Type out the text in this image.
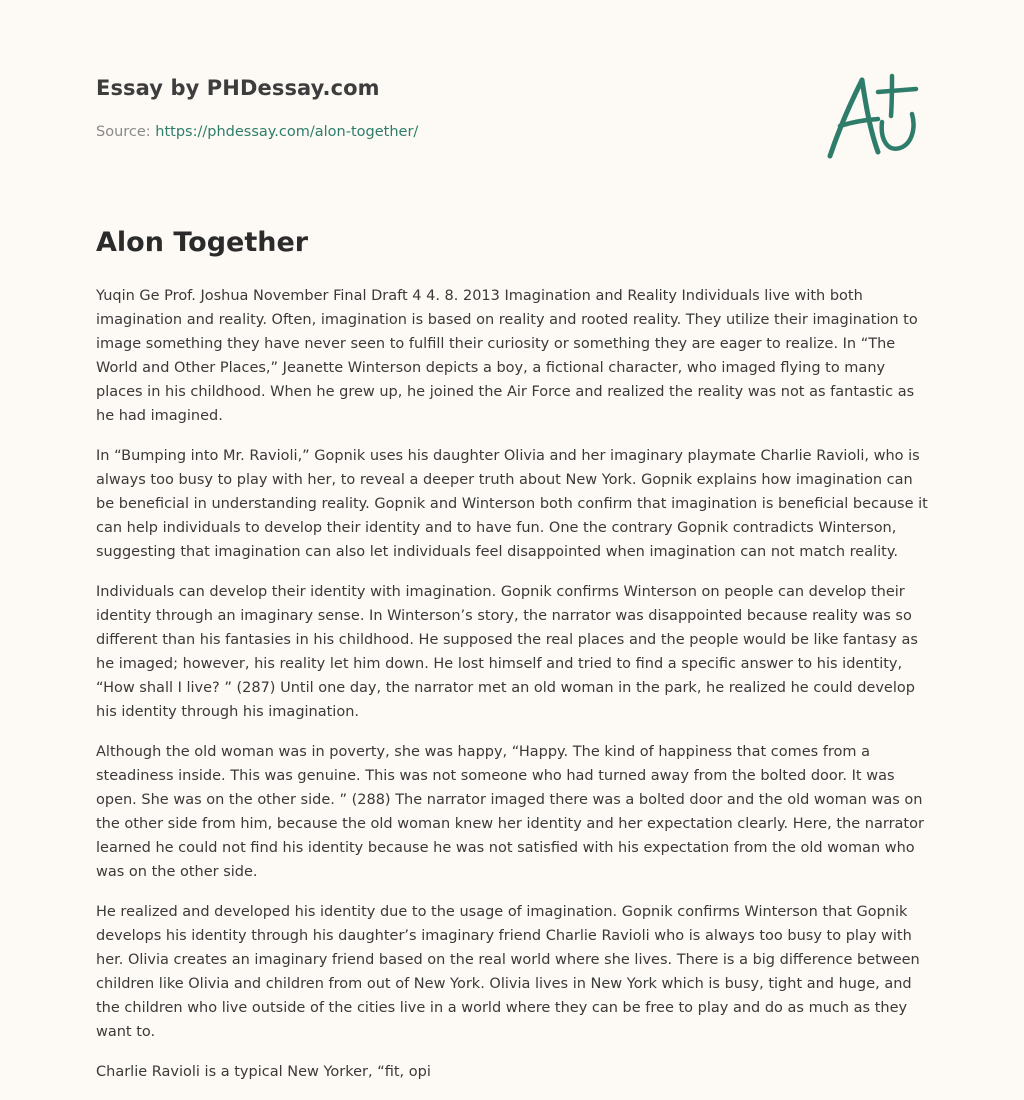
Essay by PHDessay.com
Source: https://phdessay.com/alon-together/
Alon Together

Yuqin Ge Prof. Joshua November Final Draft 4 4. 8. 2013 Imagination and Reality Individuals live with both imagination and reality. Often, imagination is based on reality and rooted reality. They utilize their imagination to image something they have never seen to fulfill their curiosity or something they are eager to realize. In “The World and Other Places,” Jeanette Winterson depicts a boy, a fictional character, who imaged flying to many places in his childhood. When he grew up, he joined the Air Force and realized the reality was not as fantastic as he had imagined.

In “Bumping into Mr. Ravioli,” Gopnik uses his daughter Olivia and her imaginary playmate Charlie Ravioli, who is always too busy to play with her, to reveal a deeper truth about New York. Gopnik explains how imagination can be beneficial in understanding reality. Gopnik and Winterson both confirm that imagination is beneficial because it can help individuals to develop their identity and to have fun. One the contrary Gopnik contradicts Winterson, suggesting that imagination can also let individuals feel disappointed when imagination can not match reality.

Individuals can develop their identity with imagination. Gopnik confirms Winterson on people can develop their identity through an imaginary sense. In Winterson’s story, the narrator was disappointed because reality was so different than his fantasies in his childhood. He supposed the real places and the people would be like fantasy as he imaged; however, his reality let him down. He lost himself and tried to find a specific answer to his identity, “How shall I live? ” (287) Until one day, the narrator met an old woman in the park, he realized he could develop his identity through his imagination.

Although the old woman was in poverty, she was happy, “Happy. The kind of happiness that comes from a steadiness inside. This was genuine. This was not someone who had turned away from the bolted door. It was open. She was on the other side. ” (288) The narrator imaged there was a bolted door and the old woman was on the other side from him, because the old woman knew her identity and her expectation clearly. Here, the narrator learned he could not find his identity because he was not satisfied with his expectation from the old woman who was on the other side.

He realized and developed his identity due to the usage of imagination. Gopnik confirms Winterson that Gopnik develops his identity through his daughter’s imaginary friend Charlie Ravioli who is always too busy to play with her. Olivia creates an imaginary friend based on the real world where she lives. There is a big difference between children like Olivia and children from out of New York. Olivia lives in New York which is busy, tight and huge, and the children who live outside of the cities live in a world where they can be free to play and do as much as they want to.

Charlie Ravioli is a typical New Yorker, “fit, opi
